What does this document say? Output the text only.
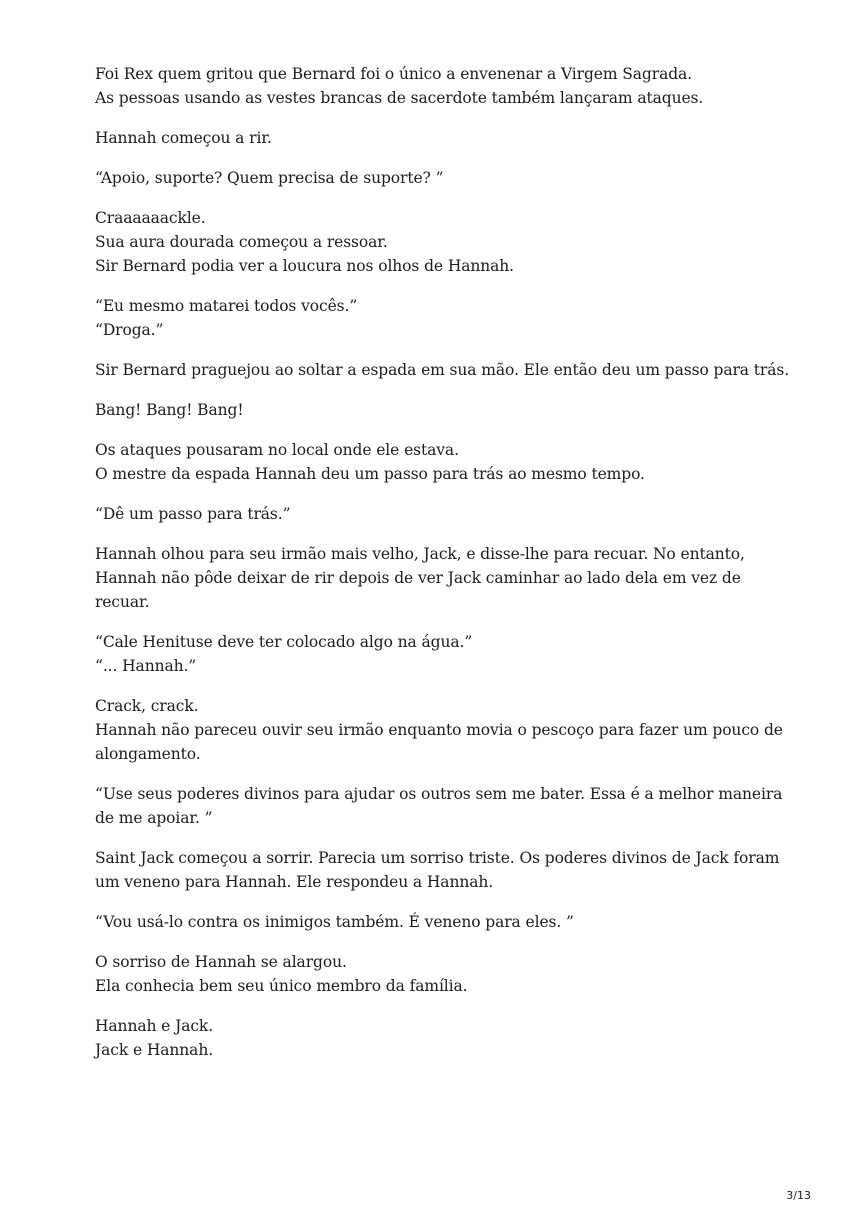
Foi Rex quem gritou que Bernard foi o único a envenenar a Virgem Sagrada.
As pessoas usando as vestes brancas de sacerdote também lançaram ataques.

Hannah começou a rir.

“Apoio, suporte? Quem precisa de suporte? ”

Craaaaaackle.
Sua aura dourada começou a ressoar.
Sir Bernard podia ver a loucura nos olhos de Hannah.

“Eu mesmo matarei todos vocês.”
“Droga.”

Sir Bernard praguejou ao soltar a espada em sua mão. Ele então deu um passo para trás.

Bang! Bang! Bang!

Os ataques pousaram no local onde ele estava.
O mestre da espada Hannah deu um passo para trás ao mesmo tempo.

“Dê um passo para trás.”

Hannah olhou para seu irmão mais velho, Jack, e disse-lhe para recuar. No entanto,
Hannah não pôde deixar de rir depois de ver Jack caminhar ao lado dela em vez de
recuar.

“Cale Henituse deve ter colocado algo na água.”
“... Hannah.”

Crack, crack.
Hannah não pareceu ouvir seu irmão enquanto movia o pescoço para fazer um pouco de
alongamento.

“Use seus poderes divinos para ajudar os outros sem me bater. Essa é a melhor maneira
de me apoiar. ”

Saint Jack começou a sorrir. Parecia um sorriso triste. Os poderes divinos de Jack foram
um veneno para Hannah. Ele respondeu a Hannah.

“Vou usá-lo contra os inimigos também. É veneno para eles. ”

O sorriso de Hannah se alargou.
Ela conhecia bem seu único membro da família.

Hannah e Jack.
Jack e Hannah.

3/13
